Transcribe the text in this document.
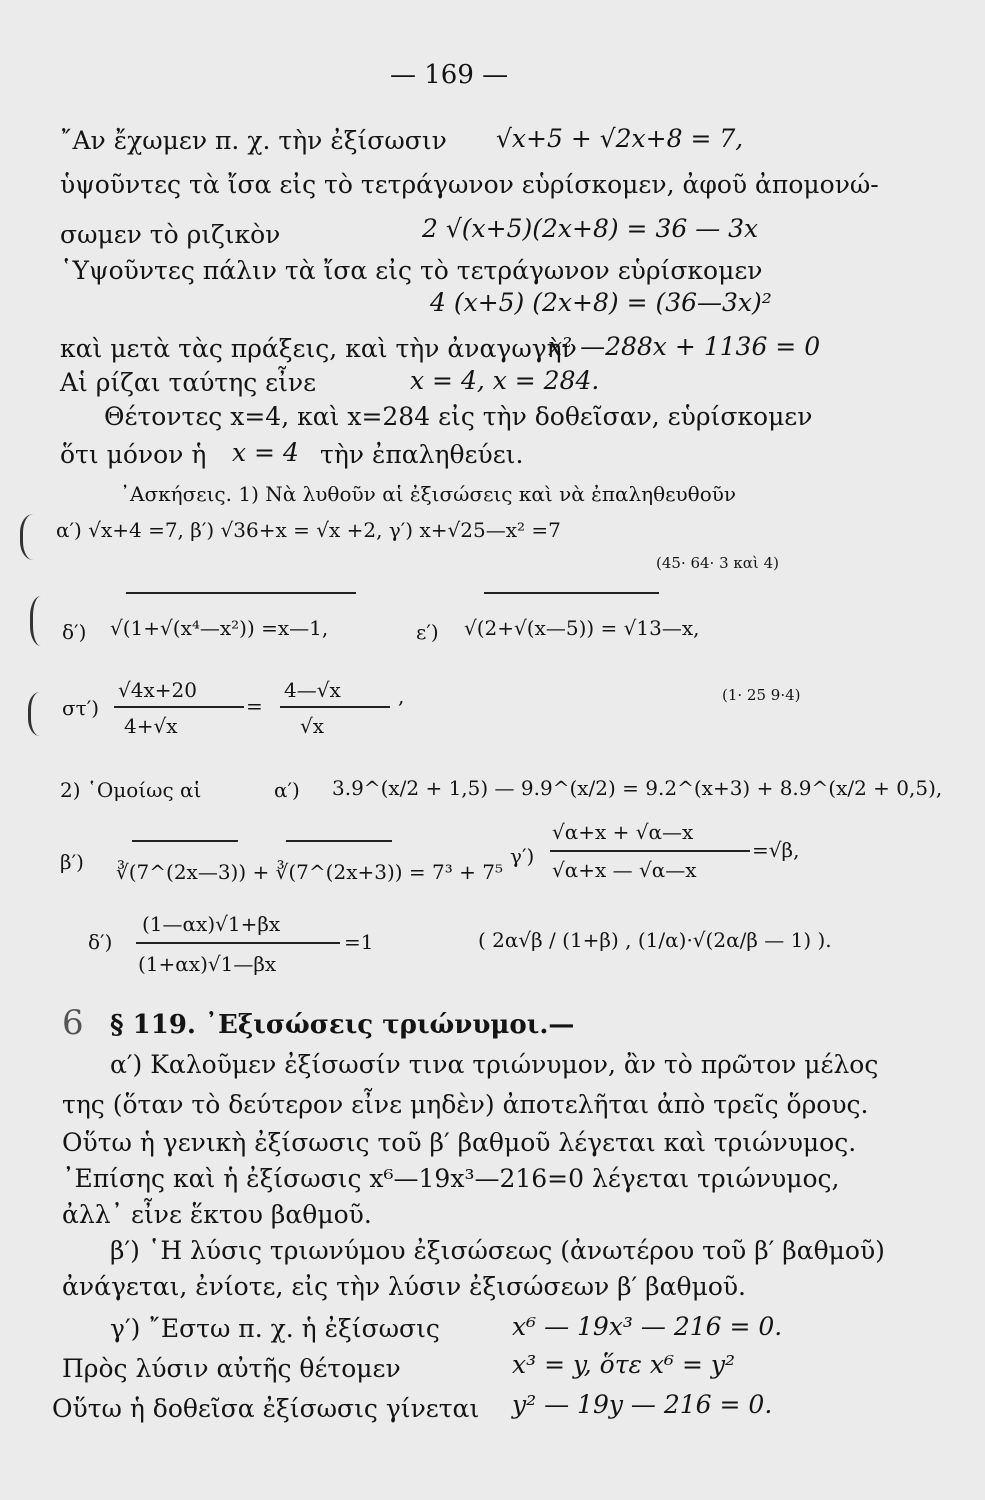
— 169 —
῎Αν ἔχωμεν π. χ. τὴν ἐξίσωσιν √x+5 + √2x+8 = 7,
ὑψοῦντες τὰ ἴσα εἰς τὸ τετράγωνον εὑρίσκομεν, ἀφοῦ ἀπομονώ-
σωμεν τὸ ριζικὸν	2 √(x+5)(2x+8) = 36 — 3x
῾Υψοῦντες πάλιν τὰ ἴσα εἰς τὸ τετράγωνον εὑρίσκομεν
4 (x+5) (2x+8) = (36—3x)²
καὶ μετὰ τὰς πράξεις, καὶ τὴν ἀναγωγὴν
x² —288x + 1136 = 0
Αἱ ρίζαι ταύτης εἶνε	x = 4, x = 284.
Θέτοντες x=4, καὶ x=284 εἰς τὴν δοθεῖσαν, εὑρίσκομεν
ὅτι μόνον ἡ x = 4 τὴν ἐπαληθεύει.
᾿Ασκήσεις. 1) Νὰ λυθοῦν αἱ ἐξισώσεις καὶ νὰ ἐπαληθευθοῦν
α′) √x+4 =7, β′) √36+x = √x +2, γ′) x+√25—x² =7
(45· 64· 3 καὶ 4)
δ′) √(1+√(x⁴—x²)) =x—1,	ε′) √(2+√(x—5)) = √13—x,
στ′)
√4x+20
4+√x
=
4—√x
√x
,	(1· 25 9·4)
2) ῾Ομοίως αἱ	α′) 3.9^(x/2 + 1,5) — 9.9^(x/2) = 9.2^(x+3) + 8.9^(x/2 + 0,5),
β′) ∛(7^(2x—3)) + ∛(7^(2x+3)) = 7³ + 7⁵
γ′)
√α+x + √α—x
√α+x — √α—x
=√β,
δ′)
(1—αx)√1+βx
(1+αx)√1—βx
=1	( 2α√β / (1+β) , (1/α)·√(2α/β — 1) ).
6 § 119. ᾿Εξισώσεις τριώνυμοι.—
α′) Καλοῦμεν ἐξίσωσίν τινα τριώνυμον, ἂν τὸ πρῶτον μέλος
της (ὅταν τὸ δεύτερον εἶνε μηδὲν) ἀποτελῆται ἀπὸ τρεῖς ὅρους.
Οὕτω ἡ γενικὴ ἐξίσωσις τοῦ β′ βαθμοῦ λέγεται καὶ τριώνυμος.
᾿Επίσης καὶ ἡ ἐξίσωσις x⁶—19x³—216=0 λέγεται τριώνυμος,
ἀλλ᾿ εἶνε ἕκτου βαθμοῦ.
β′) ῾Η λύσις τριωνύμου ἐξισώσεως (ἀνωτέρου τοῦ β′ βαθμοῦ)
ἀνάγεται, ἐνίοτε, εἰς τὴν λύσιν ἐξισώσεων β′ βαθμοῦ.
γ′) ῎Εστω π. χ. ἡ ἐξίσωσις	x⁶ — 19x³ — 216 = 0.
Πρὸς λύσιν αὐτῆς θέτομεν	x³ = y, ὅτε x⁶ = y²
Οὕτω ἡ δοθεῖσα ἐξίσωσις γίνεται y² — 19y — 216 = 0.
